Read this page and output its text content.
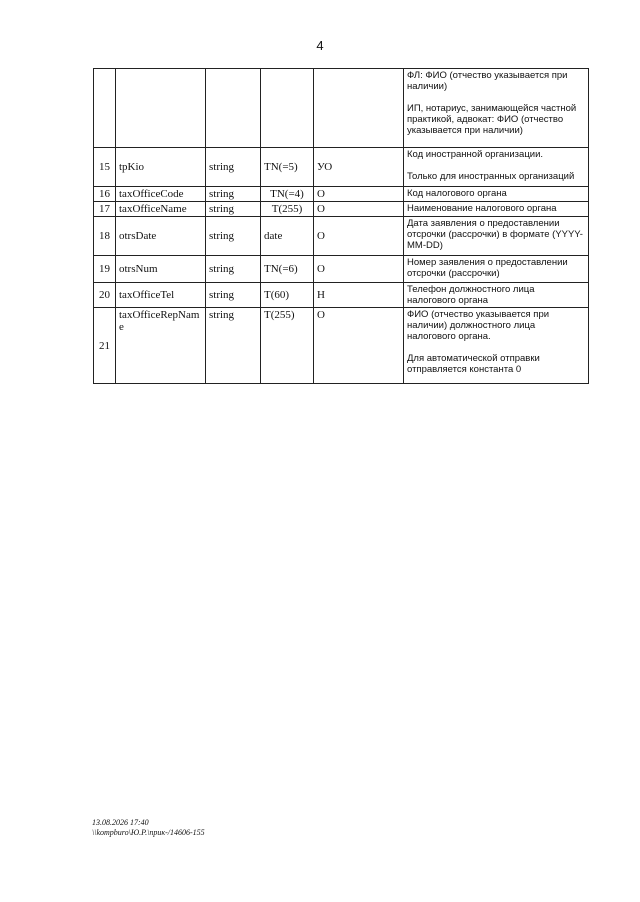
4

					ФЛ: ФИО (отчество указывается при наличии)
ИП, нотариус, занимающейся частной практикой, адвокат: ФИО (отчество указывается при наличии)

15	tpKio	string	TN(=5)	УО	Код иностранной организации.
Только для иностранных организаций

16	taxOfficeCode	string	TN(=4)	О	Код налогового органа

17	taxOfficeName	string	T(255)	О	Наименование налогового органа

18	otrsDate	string	date	О	Дата заявления о предоставлении отсрочки (рассрочки) в формате (YYYY-MM-DD)

19	otrsNum	string	TN(=6)	О	Номер заявления о предоставлении отсрочки (рассрочки)

20	taxOfficeTel	string	T(60)	Н	Телефон должностного лица налогового органа

21	taxOfficeRepName	string	T(255)	О	ФИО (отчество указывается при наличии) должностного лица налогового органа.
Для автоматической отправки отправляется константа 0
13.08.2026 17:40
\\kompburo\Ю.Р.\прик-/14606-155
